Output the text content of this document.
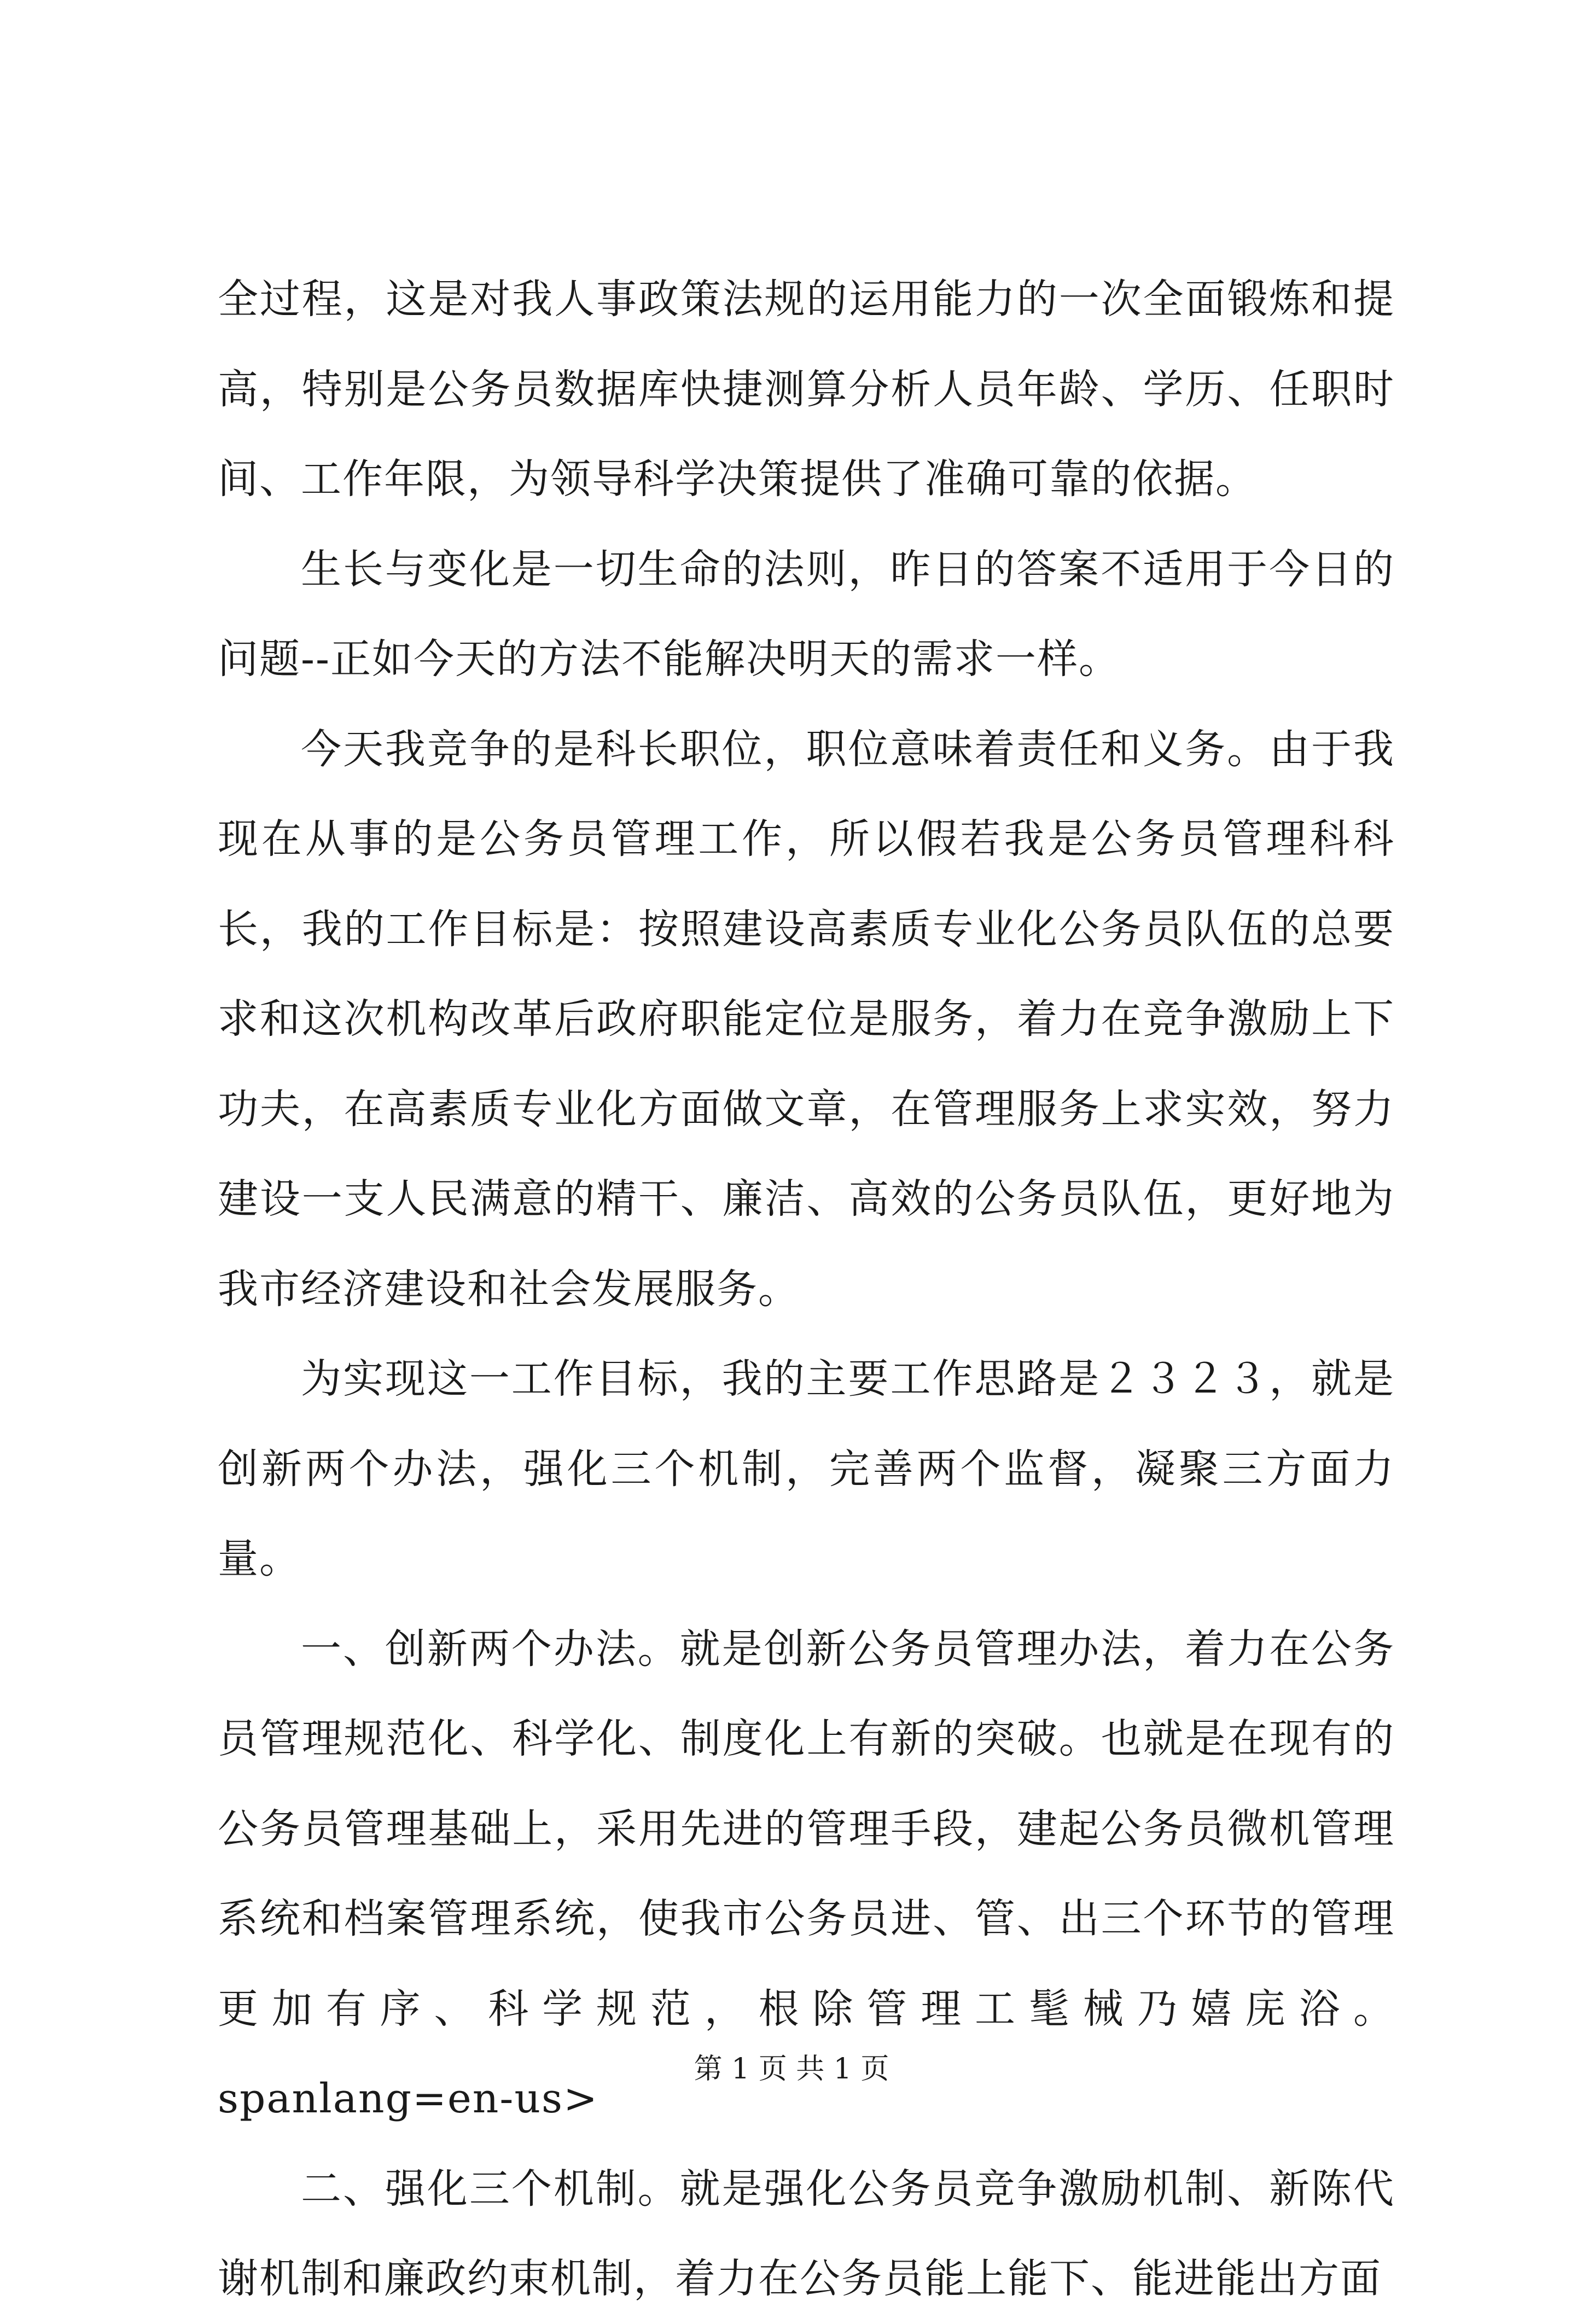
全过程，这是对我人事政策法规的运用能力的一次全面锻炼和提高，特别是公务员数据库快捷测算分析人员年龄、学历、任职时间、工作年限，为领导科学决策提供了准确可靠的依据。

生长与变化是一切生命的法则，昨日的答案不适用于今日的问题--正如今天的方法不能解决明天的需求一样。

今天我竞争的是科长职位，职位意味着责任和义务。由于我现在从事的是公务员管理工作，所以假若我是公务员管理科科长，我的工作目标是：按照建设高素质专业化公务员队伍的总要求和这次机构改革后政府职能定位是服务，着力在竞争激励上下功夫，在高素质专业化方面做文章，在管理服务上求实效，努力建设一支人民满意的精干、廉洁、高效的公务员队伍，更好地为我市经济建设和社会发展服务。

为实现这一工作目标，我的主要工作思路是２３２３，就是创新两个办法，强化三个机制，完善两个监督，凝聚三方面力量。

一、创新两个办法。就是创新公务员管理办法，着力在公务员管理规范化、科学化、制度化上有新的突破。也就是在现有的公务员管理基础上，采用先进的管理手段，建起公务员微机管理系统和档案管理系统，使我市公务员进、管、出三个环节的管理更加有序、科学规范，根除管理工髦械乃嬉庑浴。spanlang=en-us>

二、强化三个机制。就是强化公务员竞争激励机制、新陈代谢机制和廉政约束机制，着力在公务员能上能下、能进能出方面

第 1 页 共 1 页
